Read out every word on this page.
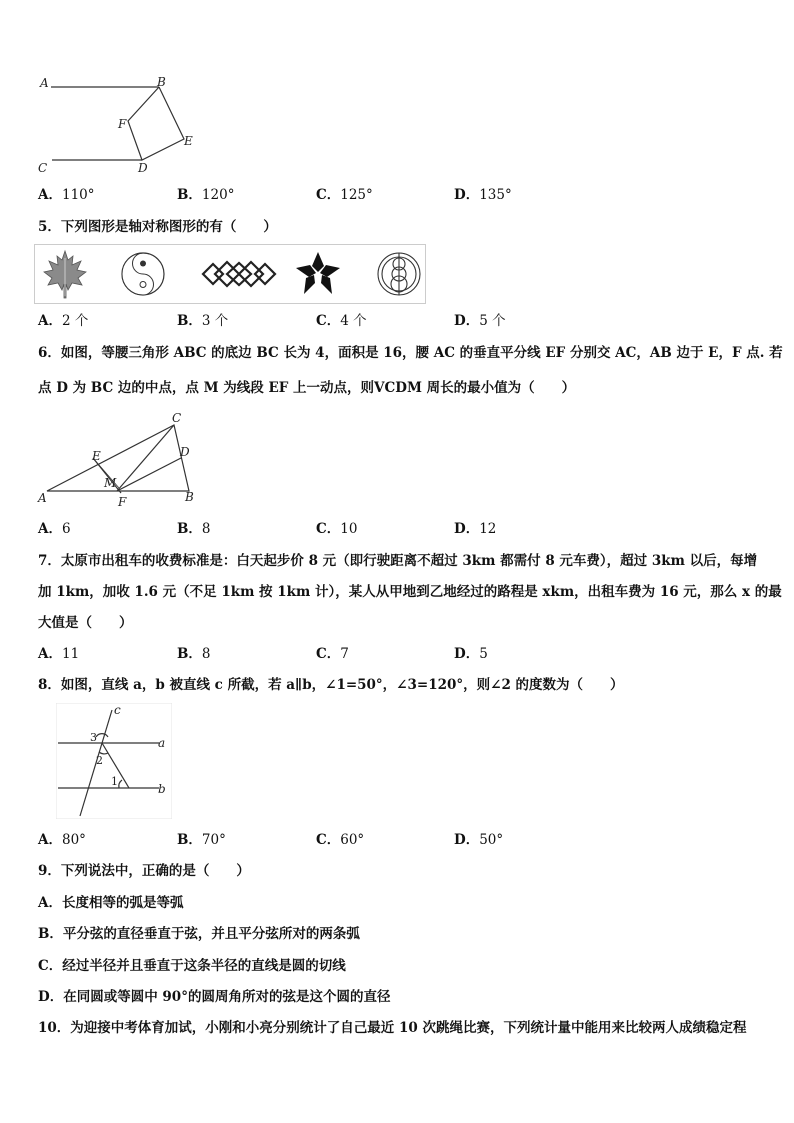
A	B
C	D
E
F
A．110°	B．120°	C．125°	D．135°
5．下列图形是轴对称图形的有（　　）
A．2 个	B．3 个	C．4 个	D．5 个
6．如图，等腰三角形 ABC 的底边 BC 长为 4，面积是 16，腰 AC 的垂直平分线 EF 分别交 AC，AB 边于 E，F 点. 若
点 D 为 BC 边的中点，点 M 为线段 EF 上一动点，则VCDM 周长的最小值为（　　）
A	B
C
D
E
F
M
A．6	B．8	C．10	D．12
7．太原市出租车的收费标准是：白天起步价 8 元（即行驶距离不超过 3km 都需付 8 元车费），超过 3km 以后，每增
加 1km，加收 1.6 元（不足 1km 按 1km 计），某人从甲地到乙地经过的路程是 xkm，出租车费为 16 元，那么 x 的最
大值是（　　）
A．11	B．8	C．7	D．5
8．如图，直线 a，b 被直线 c 所截，若 a∥b，∠1=50°，∠3=120°，则∠2 的度数为（　　）
c
a
b
3
2
1
A．80°	B．70°	C．60°	D．50°
9．下列说法中，正确的是（　　）
A．长度相等的弧是等弧
B．平分弦的直径垂直于弦，并且平分弦所对的两条弧
C．经过半径并且垂直于这条半径的直线是圆的切线
D．在同圆或等圆中 90°的圆周角所对的弦是这个圆的直径
10．为迎接中考体育加试，小刚和小亮分别统计了自己最近 10 次跳绳比赛，下列统计量中能用来比较两人成绩稳定程
